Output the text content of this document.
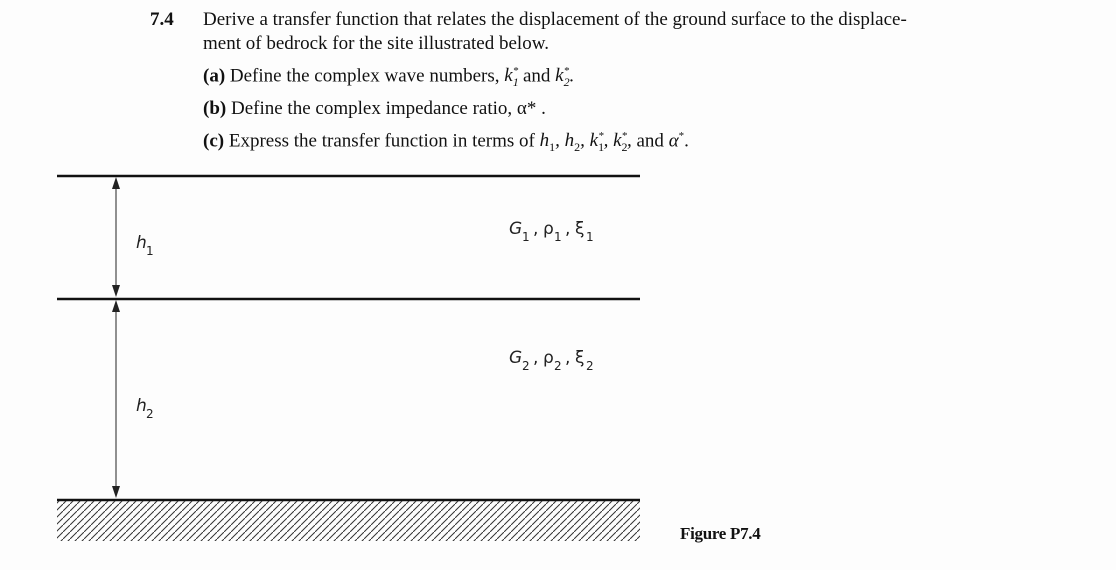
7.4 Derive a transfer function that relates the displacement of the ground surface to the displace-
ment of bedrock for the site illustrated below.
(a) Define the complex wave numbers, $k_1^*$ and $k_2^*$.
(b) Define the complex impedance ratio, α* .
(c) Express the transfer function in terms of $h_1$, $h_2$, $k_1^*$, $k_2^*$, and α*.
h 1
h 2
G 1 , ρ 1 , ξ 1
G 2 , ρ 2 , ξ 2
Figure P7.4
